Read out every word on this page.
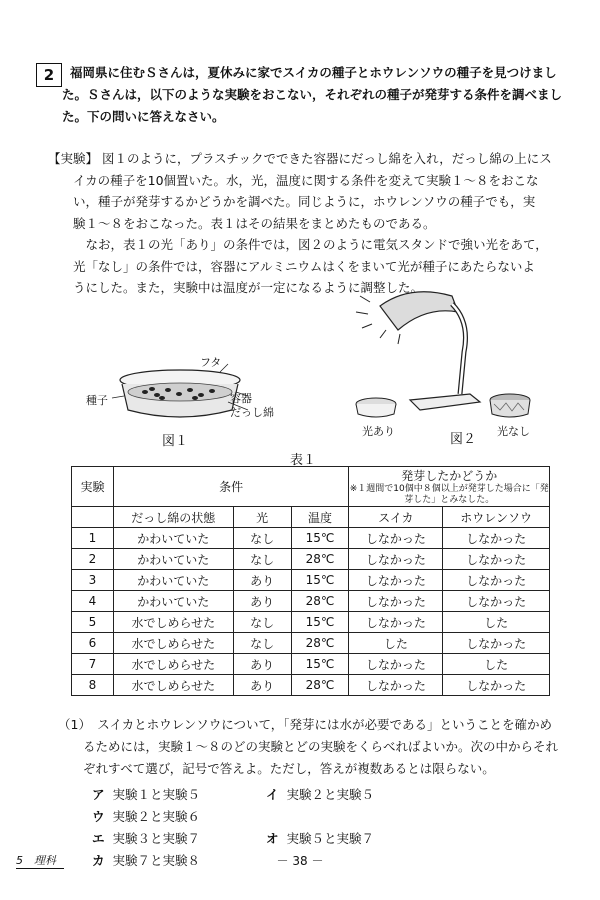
2	福岡県に住むＳさんは，夏休みに家でスイカの種子とホウレンソウの種子を見つけまし
た。Ｓさんは，以下のような実験をおこない，それぞれの種子が発芽する条件を調べまし
た。下の問いに答えなさい。
【実験】 図１のように，プラスチックでできた容器にだっし綿を入れ，だっし綿の上にス
　　イカの種子を10個置いた。水，光，温度に関する条件を変えて実験１～８をおこな
　　い，種子が発芽するかどうかを調べた。同じように，ホウレンソウの種子でも，実
　　験１～８をおこなった。表１はその結果をまとめたものである。
　　　なお，表１の光「あり」の条件では，図２のように電気スタンドで強い光をあて，
　　光「なし」の条件では，容器にアルミニウムはくをまいて光が種子にあたらないよ
　　うにした。また，実験中は温度が一定になるように調整した。
フタ
種子	容器
だっし綿
図１
光あり
図２
光なし
表１
実験	条件			発芽したかどうか
※１週間で10個中８個以上が発芽した場合に「発芽した」とみなした。	

	だっし綿の状態	光	温度	スイカ	ホウレンソウ
1	かわいていた	なし	15℃	しなかった	しなかった
2	かわいていた	なし	28℃	しなかった	しなかった
3	かわいていた	あり	15℃	しなかった	しなかった
4	かわいていた	あり	28℃	しなかった	しなかった
5	水でしめらせた	なし	15℃	しなかった	した
6	水でしめらせた	なし	28℃	した	しなかった
7	水でしめらせた	あり	15℃	しなかった	した
8	水でしめらせた	あり	28℃	しなかった	しなかった
（1）　スイカとホウレンソウについて，「発芽には水が必要である」ということを確かめ
　　るためには，実験１～８のどの実験とどの実験をくらべればよいか。次の中からそれ
　　ぞれすべて選び，記号で答えよ。ただし，答えが複数あるとは限らない。
ア 実験１と実験５	イ 実験２と実験５ ウ 実験２と実験６
エ 実験３と実験７	オ 実験５と実験７ カ 実験７と実験８
5　理科	－ 38 －
